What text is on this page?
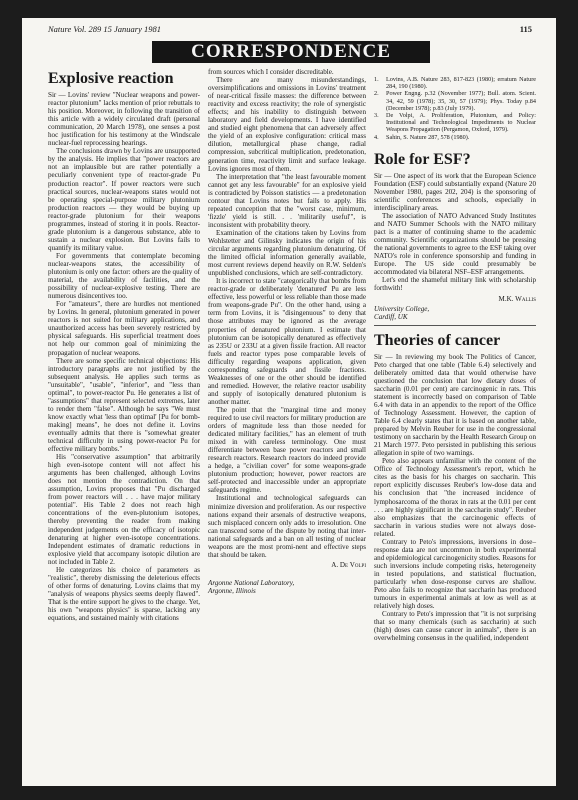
Nature Vol. 289 15 January 1981	115
CORRESPONDENCE
Explosive reaction

Sir — Lovins' review "Nuclear weapons and power-reactor plutonium" lacks mention of prior rebuttals to his position. Moreover, in following the transition of this article with a widely circulated draft (personal communication, 20 March 1978), one senses a post hoc justification for his testimony at the Windscale nuclear-fuel reprocessing hearings.

The conclusions drawn by Lovins are unsupported by the analysis. He implies that "power reactors are not an implausible but are rather potentially a peculiarly convenient type of reactor-grade Pu production reactor". If power reactors were such practical sources, nuclear-weapons states would not be operating special-purpose military plutonium production reactors — they would be buying up reactor-grade plutonium for their weapons programmes, instead of storing it in pools. Reactor-grade plutonium is a dangerous substance, able to sustain a nuclear explosion. But Lovins fails to quantify its military value.

For governments that contemplate becoming nuclear-weapons states, the accessibility of plutonium is only one factor: others are the quality of material, the availability of facilities, and the possibility of nuclear-explosive testing. There are numerous disincentives too.

For "amateurs", there are hurdles not mentioned by Lovins. In general, plutonium generated in power reactors is not suited for military applications, and unauthorized access has been severely restricted by physical safeguards. His superficial treatment does not help our common goal of minimizing the propagation of nuclear weapons.

There are some specific technical objections: His introductory paragraphs are not justified by the subsequent analysis. He applies such terms as "unsuitable", "usable", "inferior", and "less than optimal", to power-reactor Pu. He generates a list of "assumptions" that represent selected extremes, later to render them "false". Although he says "We must know exactly what 'less than optimal' [Pu for bomb-making] means", he does not define it. Lovins eventually admits that there is "somewhat greater technical difficulty in using power-reactor Pu for effective military bombs."

His "conservative assumption" that arbitrarily high even-isotope content will not affect his arguments has been challenged, although Lovins does not mention the contradiction. On that assumption, Lovins proposes that "Pu discharged from power reactors will . . . have major military potential". His Table 2 does not reach high concentrations of the even-plutonium isotopes, thereby preventing the reader from making independent judgements on the efficacy of isotopic denaturing at higher even-isotope concentrations. Independent estimates of dramatic reductions in explosive yield that accompany isotopic dilution are not included in Table 2.

He categorizes his choice of parameters as "realistic", thereby dismissing the deleterious effects of other forms of denaturing. Lovins claims that my "analysis of weapons physics seems deeply flawed". That is the entire support he gives to the charge. Yet, his own "weapons physics" is sparse, lacking any equations, and sustained mainly with citations

from sources which I consider discreditable.

There are many misunderstandings, oversimplifications and omissions in Lovins' treatment of near-critical fissile masses: the difference between reactivity and excess reactivity; the role of synergistic effects; and his inability to distinguish between laboratory and field developments. I have identified and studied eight phenomena that can adversely affect the yield of an explosive configuration: critical mass dilution, metallurgical phase change, radial compression, subcritical multiplication, predetonation, generation time, reactivity limit and surface leakage. Lovins ignores most of them.

The interpretation that "the least favourable moment cannot get any less favourable" for an explosive yield is contradicted by Poisson statistics — a predetonation contour that Lovins notes but fails to apply. His repeated conception that the "worst case, minimum, 'fizzle' yield is still. . . 'militarily useful'", is inconsistent with probability theory.

Examination of the citations taken by Lovins from Wohlstetter and Gilinsky indicates the origin of his circular arguments regarding plutonium denaturing. Of the limited official information generally available, most current reviews depend heavily on R.W. Selden's unpublished conclusions, which are self-contradictory.

It is incorrect to state "categorically that bombs from reactor-grade or deliberately 'denatured' Pu are less effective, less powerful or less reliable than those made from weapons-grade Pu". On the other hand, using a term from Lovins, it is "disingenuous" to deny that those attributes may be ignored as the average properties of denatured plutonium. I estimate that plutonium can be isotopically denatured as effectively as 235U or 233U at a given fissile fraction. All reactor fuels and reactor types pose comparable levels of difficulty regarding weapons application, given corresponding safeguards and fissile fractions. Weaknesses of one or the other should be identified and remedied. However, the relative reactor usability and supply of isotopically denatured plutonium is another matter.

The point that the "marginal time and money required to use civil reactors for military production are orders of magnitude less than those needed for dedicated military facilities," has an element of truth mixed in with careless terminology. One must differentiate between base power reactors and small research reactors. Research reactors do indeed provide a hedge, a "civilian cover" for some weapons-grade plutonium production; however, power reactors are self-protected and inaccessible under an appropriate safeguards regime.

Institutional and technological safeguards can minimize diversion and proliferation. As our respective nations expand their arsenals of destructive weapons, such misplaced concern only adds to irresolution. One can transcend some of the dispute by noting that inter-national safeguards and a ban on all testing of nuclear weapons are the most promi-nent and effective steps that should be taken.

A. De Volpi
Argonne National Laboratory,
Argonne, Illinois
1. Lovins, A.B. Nature 283, 817-823 (1980); erratum Nature 284, 190 (1980).
2. Power Engng. p.32 (November 1977); Bull. atom. Scient. 34, 42, 59 (1978); 35, 30, 57 (1979); Phys. Today p.84 (December 1978); p.83 (July 1979).
3. De Volpi, A. Proliferation, Plutonium, and Policy: Institutional and Technological Impediments to Nuclear Weapons Propagation (Pergamon, Oxford, 1979).
4. Sahin, S. Nature 287, 578 (1980).
Role for ESF?

Sir — One aspect of its work that the European Science Foundation (ESF) could substantially expand (Nature 20 November 1980, pages 202, 204) is the sponsoring of scientific conferences and schools, especially in interdisciplinary areas.

The association of NATO Advanced Study Institutes and NATO Summer Schools with the NATO military pact is a matter of continuing shame to the academic community. Scientific organizations should be pressing the national governments to agree to the ESF taking over NATO's role in conference sponsorship and funding in Europe. The US side could presumably be accommodated via bilateral NSF–ESF arrangements.

Let's end the shameful military link with scholarship forthwith!

M.K. Wallis
University College,
Cardiff, UK
Theories of cancer

Sir — In reviewing my book The Politics of Cancer, Peto charged that one table (Table 6.4) selectively and deliberately omitted data that would otherwise have questioned the conclusion that low dietary doses of saccharin (0.01 per cent) are carcinogenic in rats. This statement is incorrectly based on comparison of Table 6.4 with data in an appendix to the report of the Office of Technology Assessment. However, the caption of Table 6.4 clearly states that it is based on another table, prepared by Melvin Reuber for use in the congressional testimony on saccharin by the Health Research Group on 21 March 1977. Peto persisted in publishing this serious allegation in spite of two warnings.

Peto also appears unfamiliar with the content of the Office of Technology Assessment's report, which he cites as the basis for his charges on saccharin. This report explicitly discusses Reuber's low-dose data and his conclusion that "the increased incidence of lymphosarcoma of the thorax in rats at the 0.01 per cent . . . are highly significant in the saccharin study". Reuber also emphasizes that the carcinogenic effects of saccharin in various studies were not always dose-related.

Contrary to Peto's impressions, inversions in dose–response data are not uncommon in both experimental and epidemiological carcinogenicity studies. Reasons for such inversions include competing risks, heterogeneity in tested populations, and statistical fluctuation, particularly when dose-response curves are shallow. Peto also fails to recognize that saccharin has produced tumours in experimental animals at low as well as at relatively high doses.

Contrary to Peto's impression that "it is not surprising that so many chemicals (such as saccharin) at such (high) doses can cause cancer in animals", there is an overwhelming consensus in the qualified, independent
